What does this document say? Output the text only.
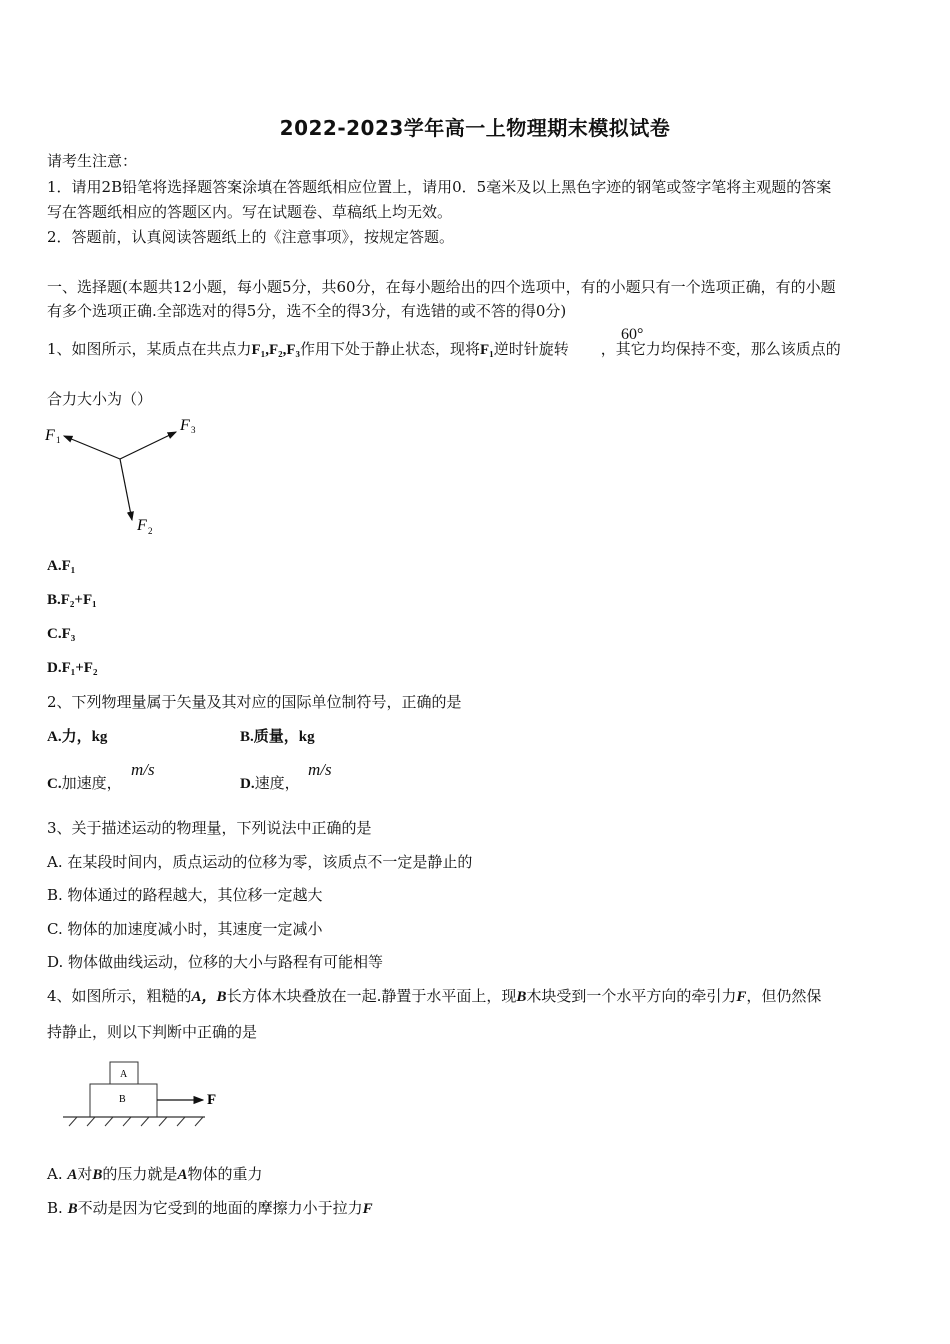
2022-2023学年高一上物理期末模拟试卷
请考生注意：
1．请用2B铅笔将选择题答案涂填在答题纸相应位置上，请用0．5毫米及以上黑色字迹的钢笔或签字笔将主观题的答案
写在答题纸相应的答题区内。写在试题卷、草稿纸上均无效。
2．答题前，认真阅读答题纸上的《注意事项》，按规定答题。
一、选择题(本题共12小题，每小题5分，共60分，在每小题给出的四个选项中，有的小题只有一个选项正确，有的小题
有多个选项正确.全部选对的得5分，选不全的得3分，有选错的或不答的得0分)
1、如图所示，某质点在共点力F₁,F₂,F₃作用下处于静止状态，现将F₁逆时针旋转 ，其它力均保持不变，那么该质点的
60°
合力大小为（）
F 1
F 3
F 2
A.F₁
B.F₂+F₁
C.F₃
D.F₁+F₂
2、下列物理量属于矢量及其对应的国际单位制符号，正确的是
A.力，kg	B.质量，kg
C.加速度，
m/s
D.速度，
m/s
3、关于描述运动的物理量，下列说法中正确的是
A. 在某段时间内，质点运动的位移为零，该质点不一定是静止的
B. 物体通过的路程越大，其位移一定越大
C. 物体的加速度减小时，其速度一定减小
D. 物体做曲线运动，位移的大小与路程有可能相等
4、如图所示，粗糙的A，B长方体木块叠放在一起.静置于水平面上，现B木块受到一个水平方向的牵引力F，但仍然保
持静止，则以下判断中正确的是
A
B	F
A. A对B的压力就是A物体的重力
B. B不动是因为它受到的地面的摩擦力小于拉力F
